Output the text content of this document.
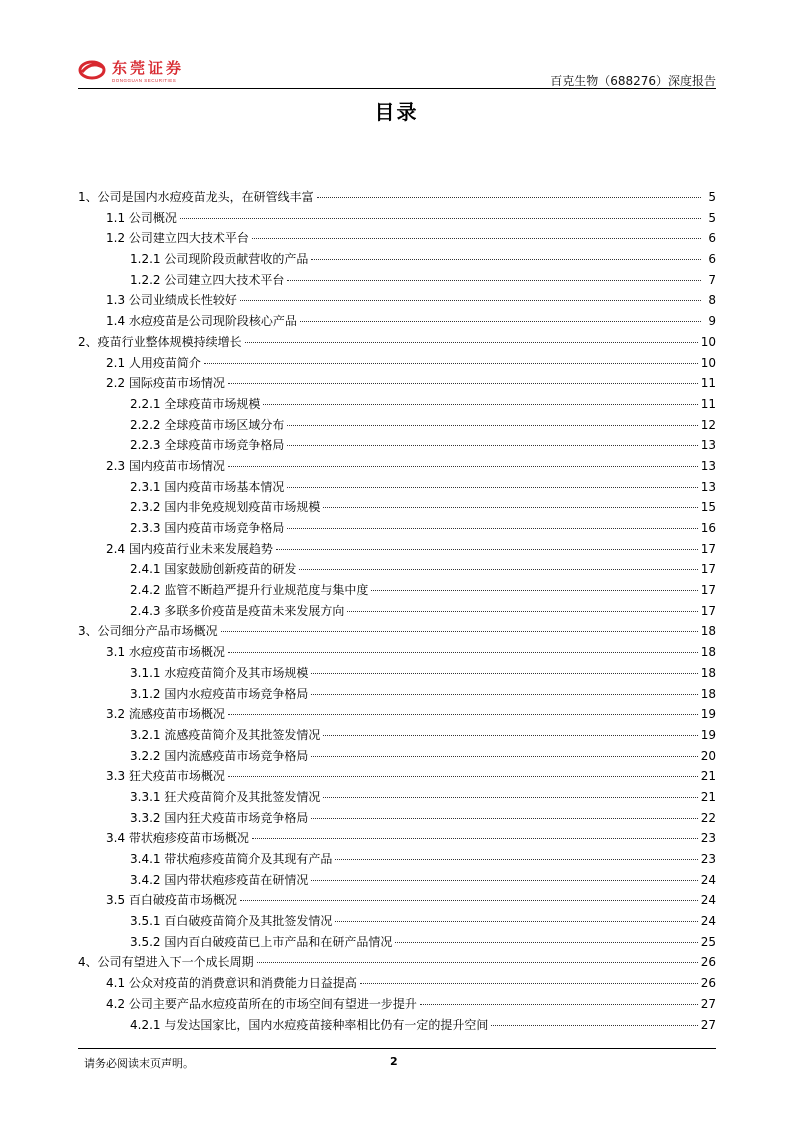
东莞证券
DONGGUAN SECURITIES	百克生物（688276）深度报告
目录
1、公司是国内水痘疫苗龙头，在研管线丰富	5
1.1 公司概况	5
1.2 公司建立四大技术平台	6
1.2.1 公司现阶段贡献营收的产品	6
1.2.2 公司建立四大技术平台	7
1.3 公司业绩成长性较好	8
1.4 水痘疫苗是公司现阶段核心产品	9
2、疫苗行业整体规模持续增长	10
2.1 人用疫苗简介	10
2.2 国际疫苗市场情况	11
2.2.1 全球疫苗市场规模	11
2.2.2 全球疫苗市场区域分布	12
2.2.3 全球疫苗市场竞争格局	13
2.3 国内疫苗市场情况	13
2.3.1 国内疫苗市场基本情况	13
2.3.2 国内非免疫规划疫苗市场规模	15
2.3.3 国内疫苗市场竞争格局	16
2.4 国内疫苗行业未来发展趋势	17
2.4.1 国家鼓励创新疫苗的研发	17
2.4.2 监管不断趋严提升行业规范度与集中度	17
2.4.3 多联多价疫苗是疫苗未来发展方向	17
3、公司细分产品市场概况	18
3.1 水痘疫苗市场概况	18
3.1.1 水痘疫苗简介及其市场规模	18
3.1.2 国内水痘疫苗市场竞争格局	18
3.2 流感疫苗市场概况	19
3.2.1 流感疫苗简介及其批签发情况	19
3.2.2 国内流感疫苗市场竞争格局	20
3.3 狂犬疫苗市场概况	21
3.3.1 狂犬疫苗简介及其批签发情况	21
3.3.2 国内狂犬疫苗市场竞争格局	22
3.4 带状疱疹疫苗市场概况	23
3.4.1 带状疱疹疫苗简介及其现有产品	23
3.4.2 国内带状疱疹疫苗在研情况	24
3.5 百白破疫苗市场概况	24
3.5.1 百白破疫苗简介及其批签发情况	24
3.5.2 国内百白破疫苗已上市产品和在研产品情况	25
4、公司有望进入下一个成长周期	26
4.1 公众对疫苗的消费意识和消费能力日益提高	26
4.2 公司主要产品水痘疫苗所在的市场空间有望进一步提升	27
4.2.1 与发达国家比，国内水痘疫苗接种率相比仍有一定的提升空间	27
请务必阅读末页声明。	2
